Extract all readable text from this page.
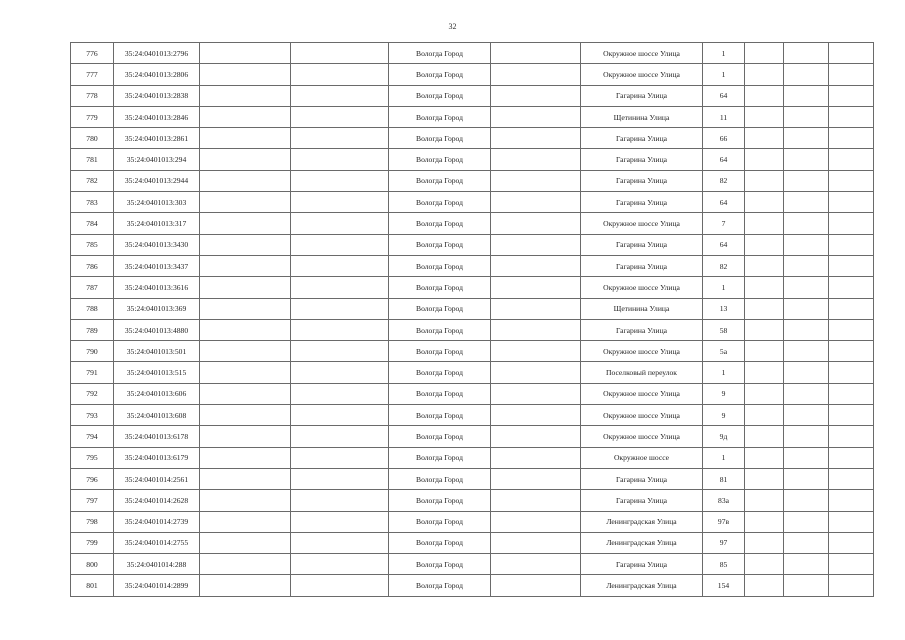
32
776	35:24:0401013:2796			Вологда Город		Окружное шоссе Улица	1			
777	35:24:0401013:2806			Вологда Город		Окружное шоссе Улица	1			
778	35:24:0401013:2838			Вологда Город		Гагарина Улица	64			
779	35:24:0401013:2846			Вологда Город		Щетинина Улица	11			
780	35:24:0401013:2861			Вологда Город		Гагарина Улица	66			
781	35:24:0401013:294			Вологда Город		Гагарина Улица	64			
782	35:24:0401013:2944			Вологда Город		Гагарина Улица	82			
783	35:24:0401013:303			Вологда Город		Гагарина Улица	64			
784	35:24:0401013:317			Вологда Город		Окружное шоссе Улица	7			
785	35:24:0401013:3430			Вологда Город		Гагарина Улица	64			
786	35:24:0401013:3437			Вологда Город		Гагарина Улица	82			
787	35:24:0401013:3616			Вологда Город		Окружное шоссе Улица	1			
788	35:24:0401013:369			Вологда Город		Щетинина Улица	13			
789	35:24:0401013:4880			Вологда Город		Гагарина Улица	58			
790	35:24:0401013:501			Вологда Город		Окружное шоссе Улица	5а			
791	35:24:0401013:515			Вологда Город		Поселковый переулок	1			
792	35:24:0401013:606			Вологда Город		Окружное шоссе Улица	9			
793	35:24:0401013:608			Вологда Город		Окружное шоссе Улица	9			
794	35:24:0401013:6178			Вологда Город		Окружное шоссе Улица	9д			
795	35:24:0401013:6179			Вологда Город		Окружное шоссе	1			
796	35:24:0401014:2561			Вологда Город		Гагарина Улица	81			
797	35:24:0401014:2628			Вологда Город		Гагарина Улица	83а			
798	35:24:0401014:2739			Вологда Город		Ленинградская Улица	97в			
799	35:24:0401014:2755			Вологда Город		Ленинградская Улица	97			
800	35:24:0401014:288			Вологда Город		Гагарина Улица	85			
801	35:24:0401014:2899			Вологда Город		Ленинградская Улица	154			
